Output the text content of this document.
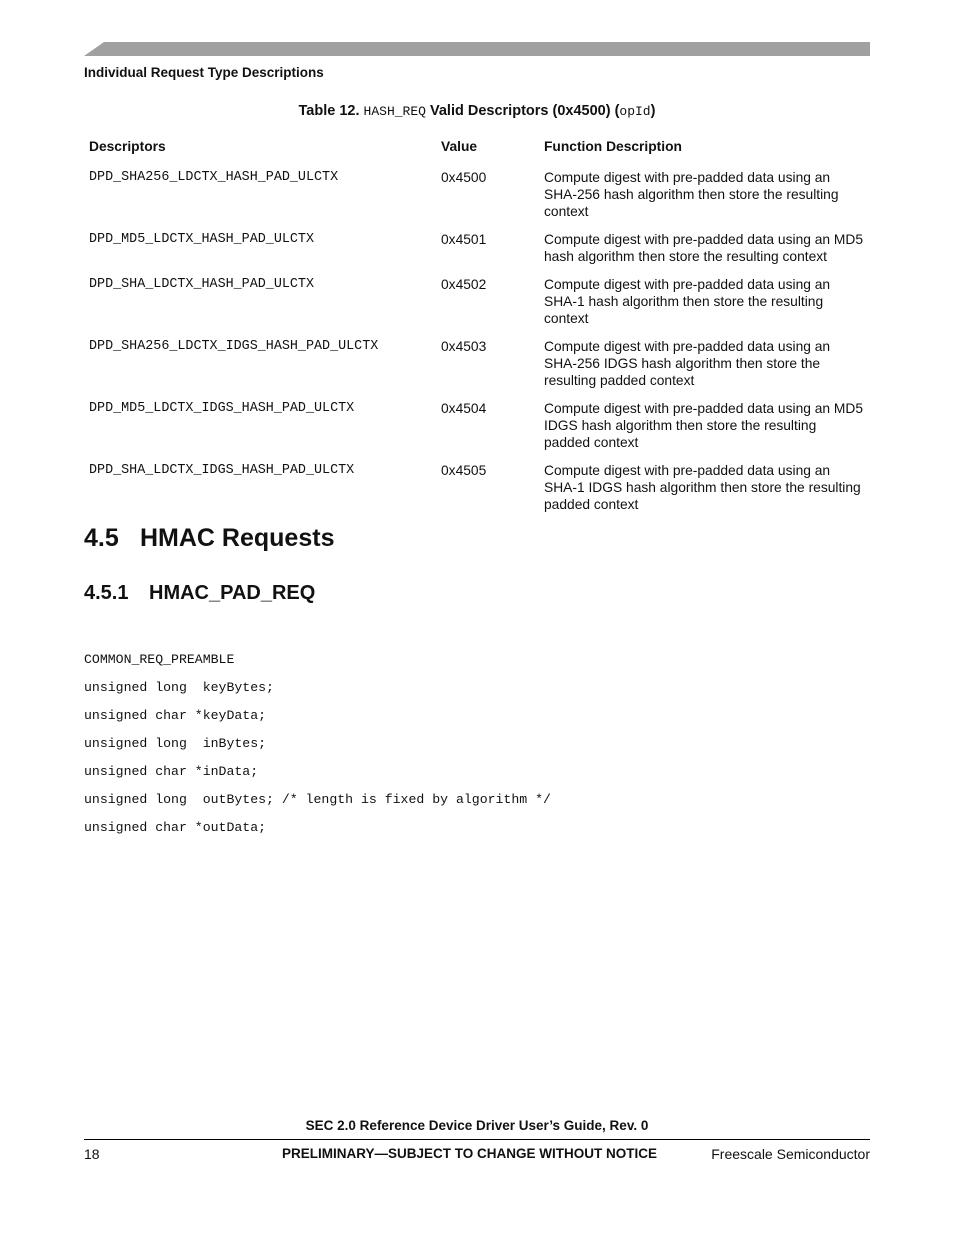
Individual Request Type Descriptions
Table 12. HASH_REQ Valid Descriptors (0x4500) (opId)
Descriptors	Value	Function Description
DPD_SHA256_LDCTX_HASH_PAD_ULCTX	0x4500	Compute digest with pre-padded data using an SHA-256 hash algorithm then store the resulting context
DPD_MD5_LDCTX_HASH_PAD_ULCTX	0x4501	Compute digest with pre-padded data using an MD5 hash algorithm then store the resulting context
DPD_SHA_LDCTX_HASH_PAD_ULCTX	0x4502	Compute digest with pre-padded data using an SHA-1 hash algorithm then store the resulting context
DPD_SHA256_LDCTX_IDGS_HASH_PAD_ULCTX	0x4503	Compute digest with pre-padded data using an SHA-256 IDGS hash algorithm then store the resulting padded context
DPD_MD5_LDCTX_IDGS_HASH_PAD_ULCTX	0x4504	Compute digest with pre-padded data using an MD5 IDGS hash algorithm then store the resulting padded context
DPD_SHA_LDCTX_IDGS_HASH_PAD_ULCTX	0x4505	Compute digest with pre-padded data using an SHA-1 IDGS hash algorithm then store the resulting padded context
4.5 HMAC Requests
4.5.1 HMAC_PAD_REQ
COMMON_REQ_PREAMBLE
unsigned long  keyBytes;
unsigned char *keyData;
unsigned long  inBytes;
unsigned char *inData;
unsigned long  outBytes; /* length is fixed by algorithm */
unsigned char *outData;
SEC 2.0 Reference Device Driver User’s Guide, Rev. 0
18	PRELIMINARY—SUBJECT TO CHANGE WITHOUT NOTICE	Freescale Semiconductor
